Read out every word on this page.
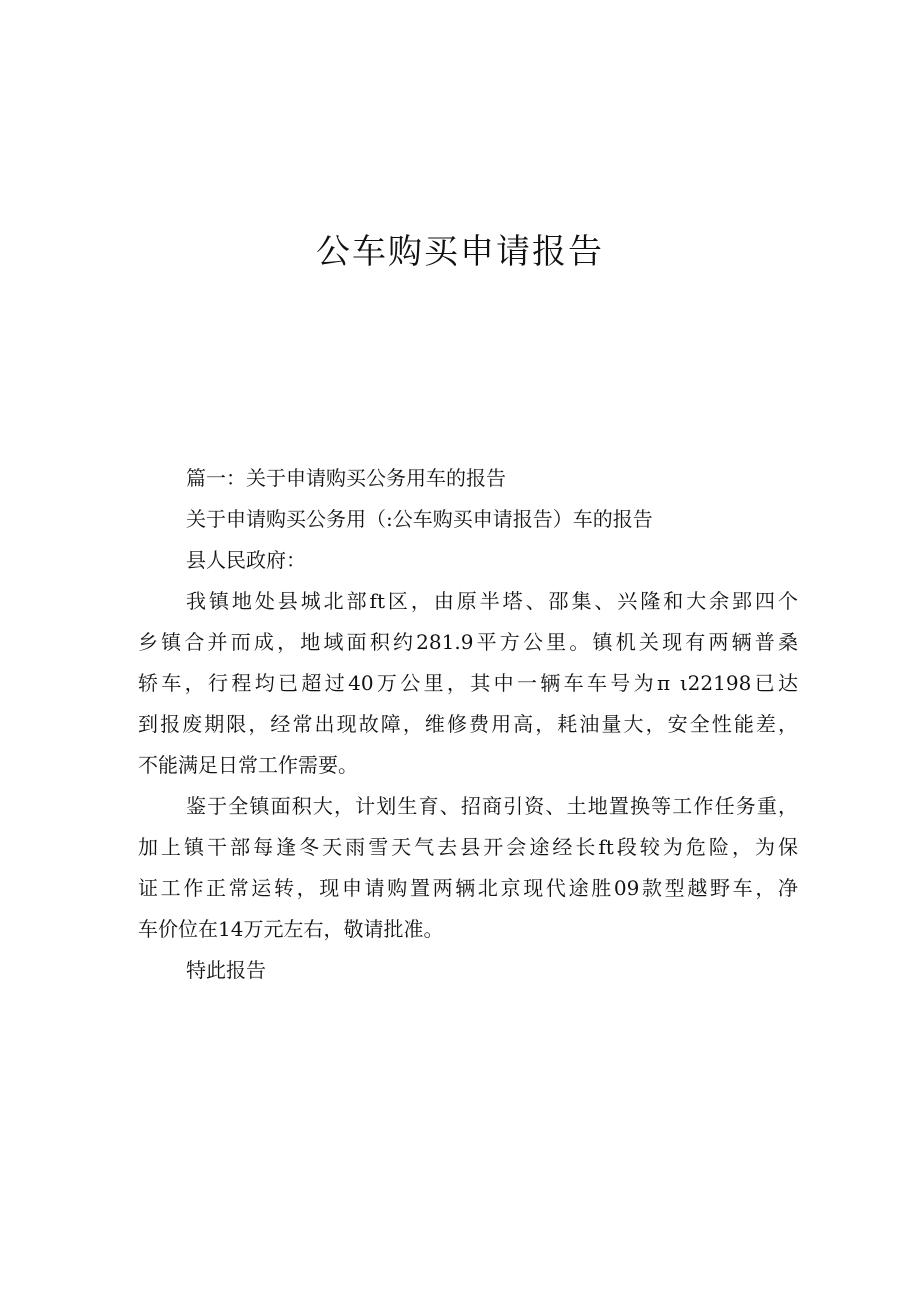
公车购买申请报告

篇一：关于申请购买公务用车的报告

关于申请购买公务用（:公车购买申请报告）车的报告

县人民政府：

我镇地处县城北部ft区，由原半塔、邵集、兴隆和大余郢四个
乡镇合并而成，地域面积约281.9平方公里。镇机关现有两辆普桑
轿车，行程均已超过40万公里，其中一辆车车号为π ι22198已达
到报废期限，经常出现故障，维修费用高，耗油量大，安全性能差，
不能满足日常工作需要。

鉴于全镇面积大，计划生育、招商引资、土地置换等工作任务重，
加上镇干部每逢冬天雨雪天气去县开会途经长ft段较为危险，为保
证工作正常运转，现申请购置两辆北京现代途胜09款型越野车，净
车价位在14万元左右，敬请批准。

特此报告
